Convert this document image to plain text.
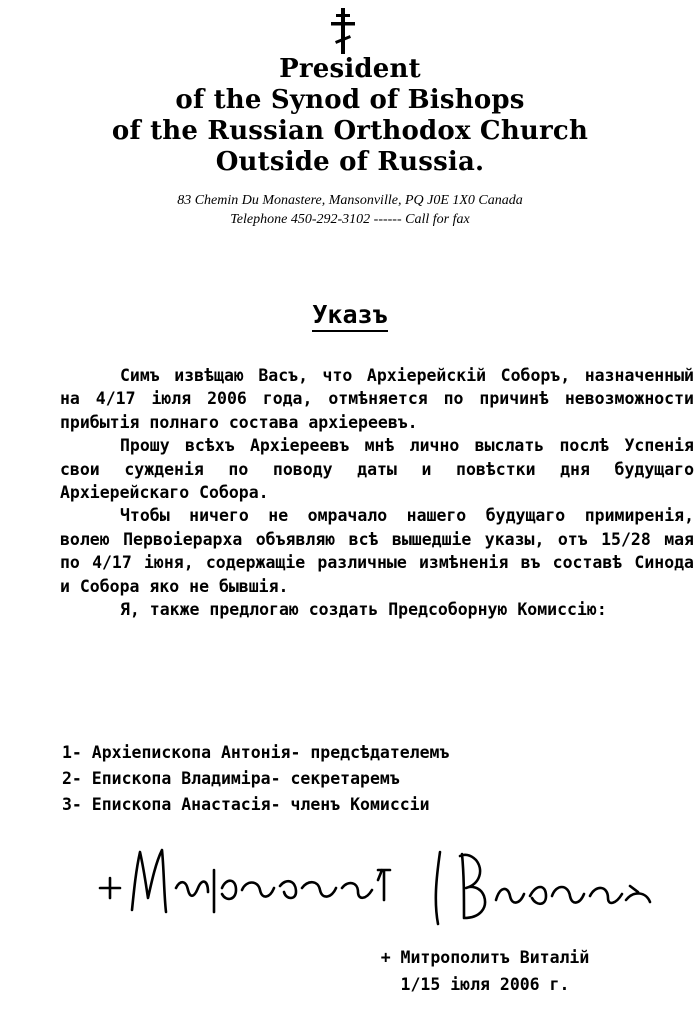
President
of the Synod of Bishops
of the Russian Orthodox Church
Outside of Russia.
83 Chemin Du Monastere, Mansonville, PQ J0E 1X0 Canada
Telephone 450-292-3102 ------ Call for fax
Указъ

Симъ извѣщаю Васъ, что Архiерейскiй Соборъ, назначенный на 4/17 iюля 2006 года, отмѣняется по причинѣ невозможности прибытiя полнаго состава архiереевъ.

Прошу всѣхъ Архiереевъ мнѣ лично выслать послѣ Успенiя свои сужденiя по поводу даты и повѣстки дня будущаго Архiерейскаго Собора.

Чтобы ничего не омрачало нашего будущаго примиренiя, волею Первоiерарха объявляю всѣ вышедшiе указы, отъ 15/28 мая по 4/17 iюня, содержащiе различные измѣненiя въ составѣ Синода и Собора яко не бывшiя.

Я, также предлогаю создать Предсоборную Комиссiю:

1- Архiепископа Антонiя- предсѣдателемъ
2- Епископа Владимiра- секретаремъ
3- Епископа Анастасiя- членъ Комиссiи
+ Митрополитъ Виталiй
1/15 iюля 2006 г.
